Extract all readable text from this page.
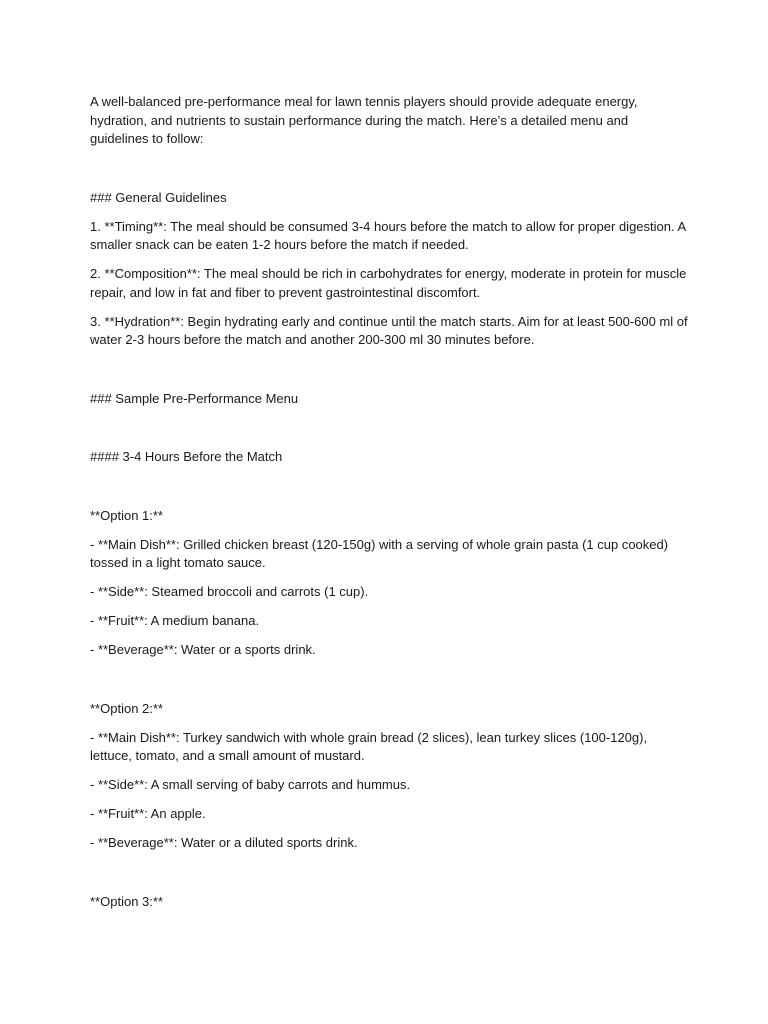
A well-balanced pre-performance meal for lawn tennis players should provide adequate energy, hydration, and nutrients to sustain performance during the match. Here’s a detailed menu and guidelines to follow:

### General Guidelines

1. **Timing**: The meal should be consumed 3-4 hours before the match to allow for proper digestion. A smaller snack can be eaten 1-2 hours before the match if needed.

2. **Composition**: The meal should be rich in carbohydrates for energy, moderate in protein for muscle repair, and low in fat and fiber to prevent gastrointestinal discomfort.

3. **Hydration**: Begin hydrating early and continue until the match starts. Aim for at least 500-600 ml of water 2-3 hours before the match and another 200-300 ml 30 minutes before.

### Sample Pre-Performance Menu

#### 3-4 Hours Before the Match

**Option 1:**

- **Main Dish**: Grilled chicken breast (120-150g) with a serving of whole grain pasta (1 cup cooked) tossed in a light tomato sauce.

- **Side**: Steamed broccoli and carrots (1 cup).

- **Fruit**: A medium banana.

- **Beverage**: Water or a sports drink.

**Option 2:**

- **Main Dish**: Turkey sandwich with whole grain bread (2 slices), lean turkey slices (100-120g), lettuce, tomato, and a small amount of mustard.

- **Side**: A small serving of baby carrots and hummus.

- **Fruit**: An apple.

- **Beverage**: Water or a diluted sports drink.

**Option 3:**
